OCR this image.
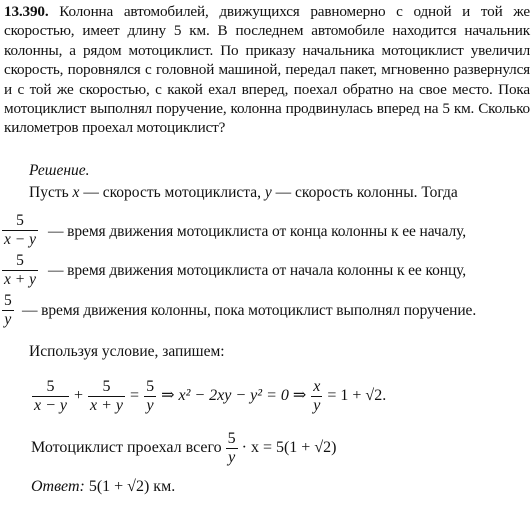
13.390. Колонна автомобилей, движущихся равномерно с одной и той же скоростью, имеет длину 5 км. В последнем автомобиле находится начальник колонны, а рядом мотоциклист. По приказу начальника мотоциклист увеличил скорость, поровнялся с головной машиной, передал пакет, мгновенно развернулся и с той же скоростью, с какой ехал вперед, поехал обратно на свое место. Пока мотоциклист выполнял поручение, колонна продвинулась вперед на 5 км. Сколько километров проехал мотоциклист?
Решение.
Пусть x — скорость мотоциклиста, y — скорость колонны. Тогда
$\frac{5}{x - y}$ — время движения мотоциклиста от конца колонны к ее началу,
$\frac{5}{x + y}$ — время движения мотоциклиста от начала колонны к ее концу,
$\frac{5}{y}$ — время движения колонны, пока мотоциклист выполнял поручение.
Используя условие, запишем:
$\frac{5}{x - y} + \frac{5}{x + y} = \frac{5}{y}$ ⇒ x² − 2xy − y² = 0 ⇒ $\frac{x}{y} = 1 + √2$.
Мотоциклист проехал всего $\frac{5}{y} \cdot x = 5(1 + √2)$
Ответ: 5(1 + √2) км.
